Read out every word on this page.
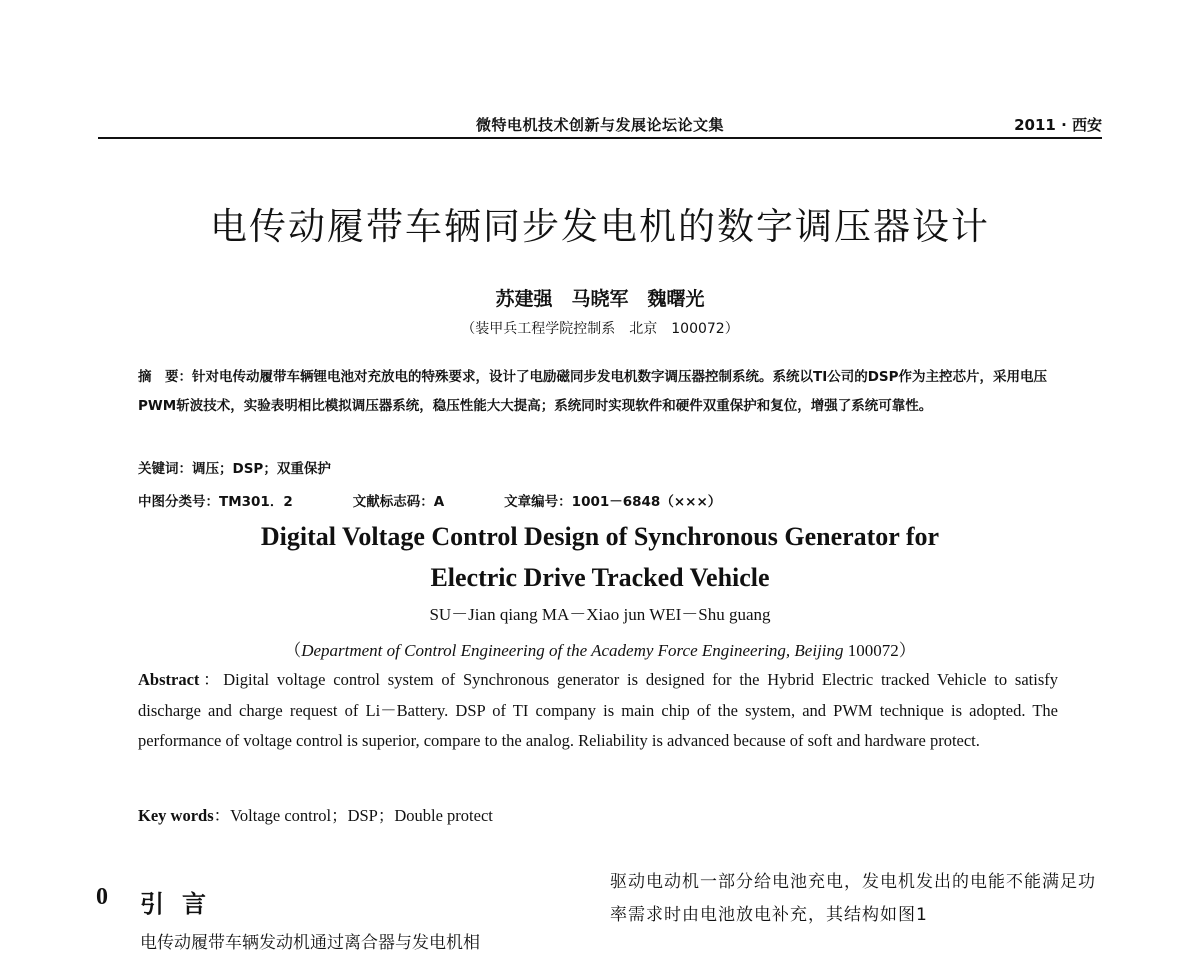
微特电机技术创新与发展论坛论文集	2011 · 西安
电传动履带车辆同步发电机的数字调压器设计
苏建强　马晓军　魏曙光
（装甲兵工程学院控制系　北京　100072）
摘　要：针对电传动履带车辆锂电池对充放电的特殊要求，设计了电励磁同步发电机数字调压器控制系统。系统以TI公司的DSP作为主控芯片，采用电压PWM斩波技术，实验表明相比模拟调压器系统，稳压性能大大提高；系统同时实现软件和硬件双重保护和复位，增强了系统可靠性。
关键词：调压；DSP；双重保护
中图分类号：TM301．2	文献标志码：A	文章编号：1001－6848（×××）
Digital Voltage Control Design of Synchronous Generator for
Electric Drive Tracked Vehicle
SU－Jian qiang MA－Xiao jun WEI－Shu guang
（Department of Control Engineering of the Academy Force Engineering, Beijing 100072）
Abstract：Digital voltage control system of Synchronous generator is designed for the Hybrid Electric tracked Vehicle to satisfy discharge and charge request of Li－Battery. DSP of TI company is main chip of the system, and PWM technique is adopted. The performance of voltage control is superior, compare to the analog. Reliability is advanced because of soft and hardware protect.
Key words：Voltage control；DSP；Double protect
0 引言
电传动履带车辆发动机通过离合器与发电机相
驱动电动机一部分给电池充电，发电机发出的电能不能满足功率需求时由电池放电补充，其结构如图1
